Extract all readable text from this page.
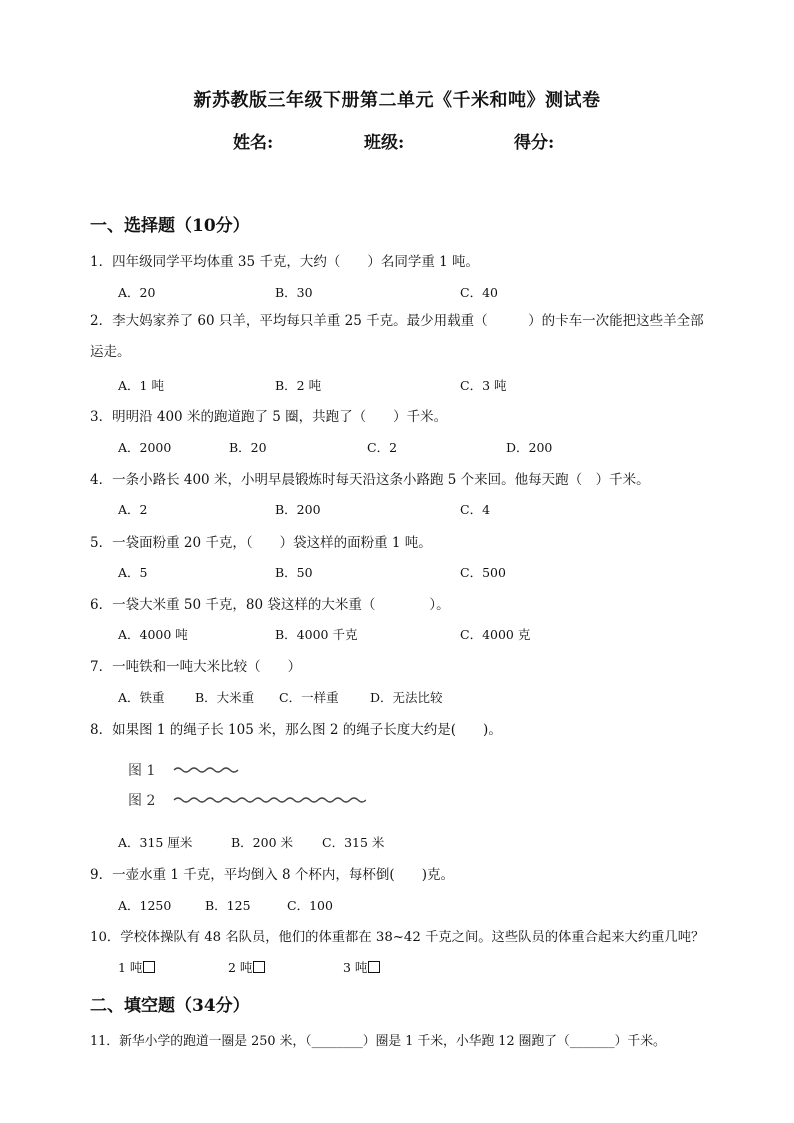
新苏教版三年级下册第二单元《千米和吨》测试卷
姓名:	班级:	得分:
一、选择题（10分）
1．四年级同学平均体重 35 千克，大约（　　）名同学重 1 吨。
A．20	B．30	C．40
2．李大妈家养了 60 只羊，平均每只羊重 25 千克。最少用载重（　　　）的卡车一次能把这些羊全部运走。
A．1 吨	B．2 吨	C．3 吨
3．明明沿 400 米的跑道跑了 5 圈，共跑了（　　）千米。
A．2000	B．20	C．2	D．200
4．一条小路长 400 米，小明早晨锻炼时每天沿这条小路跑 5 个来回。他每天跑（　）千米。
A．2	B．200	C．4
5．一袋面粉重 20 千克，（　　）袋这样的面粉重 1 吨。
A．5	B．50	C．500
6．一袋大米重 50 千克，80 袋这样的大米重（　　　　）。
A．4000 吨	B．4000 千克	C．4000 克
7．一吨铁和一吨大米比较（　　）
A．铁重 B．大米重 C．一样重	D．无法比较
8．如果图 1 的绳子长 105 米，那么图 2 的绳子长度大约是(　　)。
图 1
图 2
A．315 厘米	B．200 米 C．315 米
9．一壶水重 1 千克，平均倒入 8 个杯内，每杯倒(　　)克。
A．1250	B．125	C．100
10．学校体操队有 48 名队员，他们的体重都在 38~42 千克之间。这些队员的体重合起来大约重几吨？
1 吨	2 吨	3 吨
二、填空题（34分）
11．新华小学的跑道一圈是 250 米，（________）圈是 1 千米，小华跑 12 圈跑了（_______）千米。
